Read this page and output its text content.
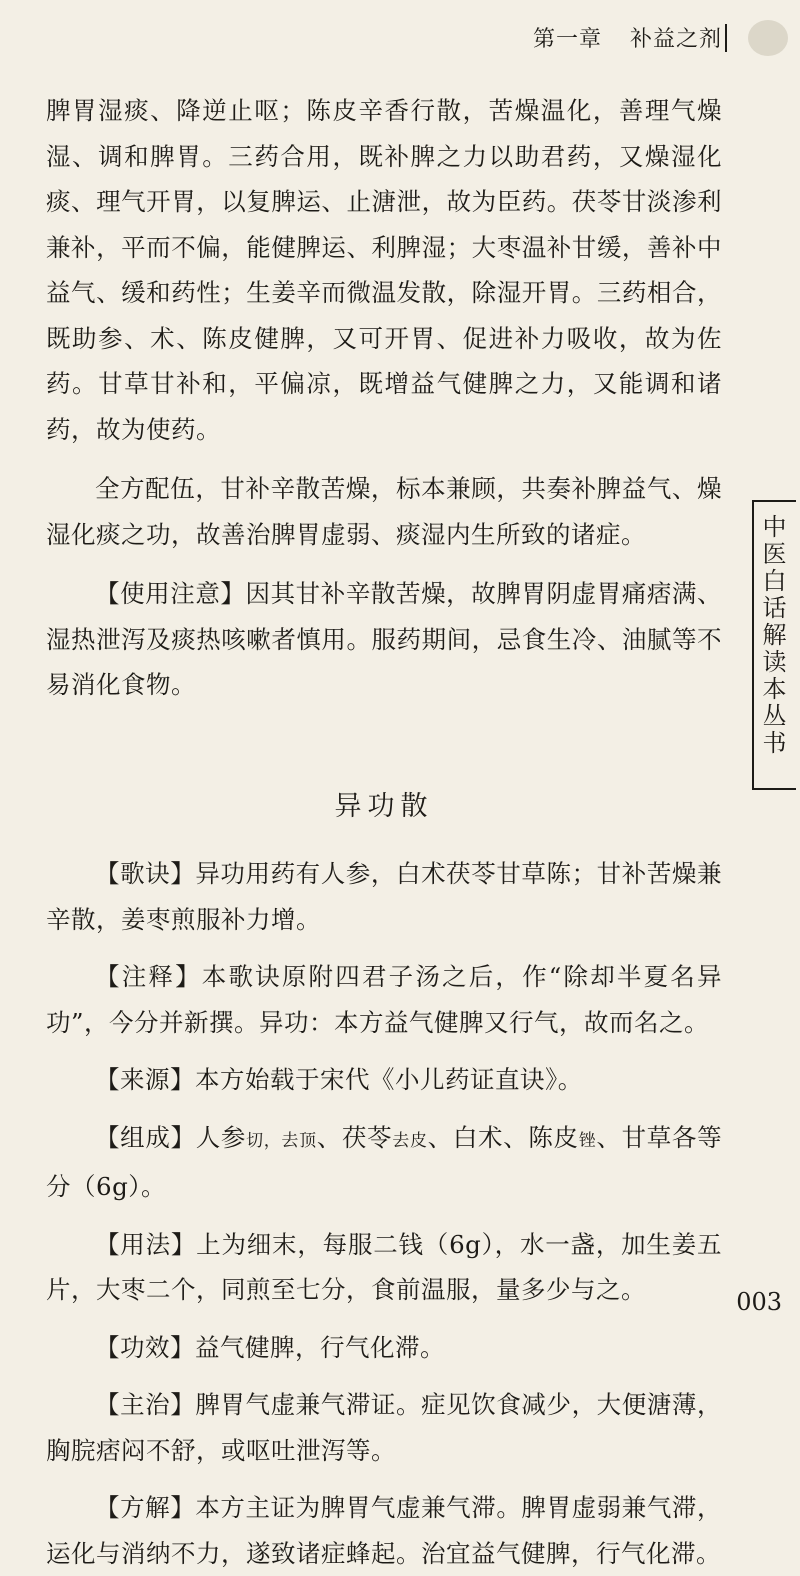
第一章 补益之剂

脾胃湿痰、降逆止呕；陈皮辛香行散，苦燥温化，善理气燥湿、调和脾胃。三药合用，既补脾之力以助君药，又燥湿化痰、理气开胃，以复脾运、止溏泄，故为臣药。茯苓甘淡渗利兼补，平而不偏，能健脾运、利脾湿；大枣温补甘缓，善补中益气、缓和药性；生姜辛而微温发散，除湿开胃。三药相合，既助参、术、陈皮健脾，又可开胃、促进补力吸收，故为佐药。甘草甘补和，平偏凉，既增益气健脾之力，又能调和诸药，故为使药。

全方配伍，甘补辛散苦燥，标本兼顾，共奏补脾益气、燥湿化痰之功，故善治脾胃虚弱、痰湿内生所致的诸症。

【使用注意】因其甘补辛散苦燥，故脾胃阴虚胃痛痞满、湿热泄泻及痰热咳嗽者慎用。服药期间，忌食生冷、油腻等不易消化食物。

异功散

【歌诀】异功用药有人参，白术茯苓甘草陈；甘补苦燥兼辛散，姜枣煎服补力增。

【注释】本歌诀原附四君子汤之后，作“除却半夏名异功”，今分并新撰。异功：本方益气健脾又行气，故而名之。

【来源】本方始载于宋代《小儿药证直诀》。

【组成】人参切，去顶、茯苓去皮、白术、陈皮锉、甘草各等分（6g）。

【用法】上为细末，每服二钱（6g），水一盏，加生姜五片，大枣二个，同煎至七分，食前温服，量多少与之。

【功效】益气健脾，行气化滞。

【主治】脾胃气虚兼气滞证。症见饮食减少，大便溏薄，胸脘痞闷不舒，或呕吐泄泻等。

【方解】本方主证为脾胃气虚兼气滞。脾胃虚弱兼气滞，运化与消纳不力，遂致诸症蜂起。治宜益气健脾，行气化滞。

中医白话解读本丛书
003
